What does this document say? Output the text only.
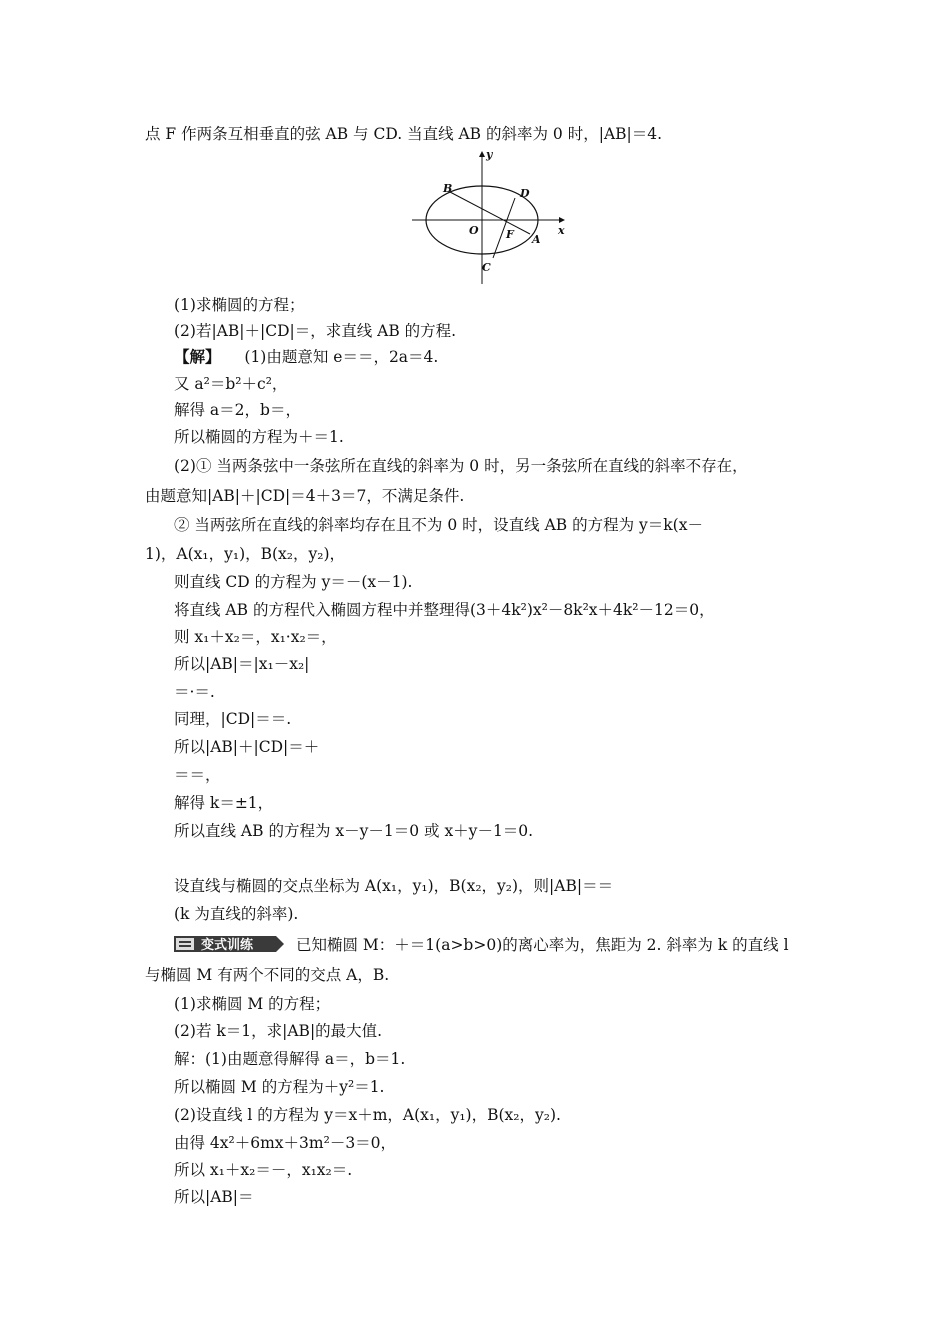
点 F 作两条互相垂直的弦 AB 与 CD. 当直线 AB 的斜率为 0 时，|AB|＝4.
y
x
O F A
B
C
D
(1)求椭圆的方程；
(2)若|AB|＋|CD|＝，求直线 AB 的方程.
【解】 (1)由题意知 e＝＝，2a＝4.
又 a²＝b²＋c²，
解得 a＝2，b＝，
所以椭圆的方程为＋＝1.
(2)① 当两条弦中一条弦所在直线的斜率为 0 时，另一条弦所在直线的斜率不存在，
由题意知|AB|＋|CD|＝4＋3＝7，不满足条件.
② 当两弦所在直线的斜率均存在且不为 0 时，设直线 AB 的方程为 y＝k(x－
1)，A(x₁，y₁)，B(x₂，y₂)，
则直线 CD 的方程为 y＝－(x－1).
将直线 AB 的方程代入椭圆方程中并整理得(3＋4k²)x²－8k²x＋4k²－12＝0，
则 x₁＋x₂＝，x₁·x₂＝，
所以|AB|＝|x₁－x₂|
＝·＝.
同理，|CD|＝＝.
所以|AB|＋|CD|＝＋
＝＝，
解得 k＝±1，
所以直线 AB 的方程为 x－y－1＝0 或 x＋y－1＝0.
设直线与椭圆的交点坐标为 A(x₁，y₁)，B(x₂，y₂)，则|AB|＝＝
(k 为直线的斜率).
变式训练	已知椭圆 M：＋＝1(a>b>0)的离心率为，焦距为 2. 斜率为 k 的直线 l
与椭圆 M 有两个不同的交点 A，B.
(1)求椭圆 M 的方程；
(2)若 k＝1，求|AB|的最大值.
解：(1)由题意得解得 a＝，b＝1.
所以椭圆 M 的方程为＋y²＝1.
(2)设直线 l 的方程为 y＝x＋m，A(x₁，y₁)，B(x₂，y₂).
由得 4x²＋6mx＋3m²－3＝0，
所以 x₁＋x₂＝－，x₁x₂＝.
所以|AB|＝
